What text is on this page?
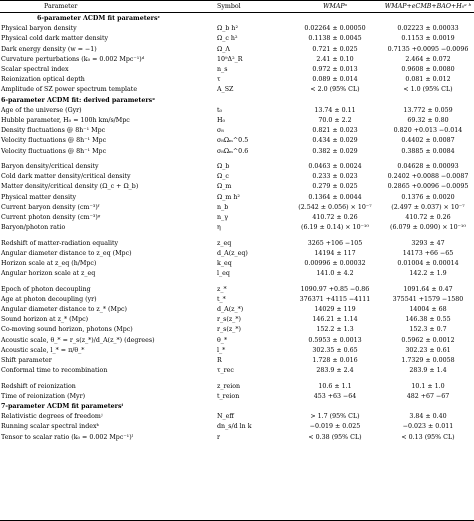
Parameter	Symbol	WMAPᵃ	WMAP+eCMB+BAO+H₀ᵃ ᵇ
6-parameter ΛCDM fit parametersᶜ
Physical baryon density	Ω_b h²	0.02264 ± 0.00050	0.02223 ± 0.00033
Physical cold dark matter density	Ω_c h²	0.1138 ± 0.0045	0.1153 ± 0.0019
Dark energy density (w = −1)	Ω_Λ	0.721 ± 0.025	0.7135 +0.0095 −0.0096
Curvature perturbations (k₀ = 0.002 Mpc⁻¹)ᵈ	10⁹Δ²_R	2.41 ± 0.10	2.464 ± 0.072
Scalar spectral index	n_s	0.972 ± 0.013	0.9608 ± 0.0080
Reionization optical depth	τ	0.089 ± 0.014	0.081 ± 0.012
Amplitude of SZ power spectrum template	A_SZ	< 2.0 (95% CL)	< 1.0 (95% CL)
6-parameter ΛCDM fit: derived parametersᵉ
Age of the universe (Gyr)	t₀	13.74 ± 0.11	13.772 ± 0.059
Hubble parameter, H₀ = 100h km/s/Mpc	H₀	70.0 ± 2.2	69.32 ± 0.80
Density fluctuations @ 8h⁻¹ Mpc	σ₈	0.821 ± 0.023	0.820 +0.013 −0.014
Velocity fluctuations @ 8h⁻¹ Mpc	σ₈Ωₘ^0.5	0.434 ± 0.029	0.4402 ± 0.0087
Velocity fluctuations @ 8h⁻¹ Mpc	σ₈Ωₘ^0.6	0.382 ± 0.029	0.3885 ± 0.0084
Baryon density/critical density	Ω_b	0.0463 ± 0.0024	0.04628 ± 0.00093
Cold dark matter density/critical density	Ω_c	0.233 ± 0.023	0.2402 +0.0088 −0.0087
Matter density/critical density (Ω_c + Ω_b)	Ω_m	0.279 ± 0.025	0.2865 +0.0096 −0.0095
Physical matter density	Ω_m h²	0.1364 ± 0.0044	0.1376 ± 0.0020
Current baryon density (cm⁻³)ᶠ	n_b	(2.542 ± 0.056) × 10⁻⁷	(2.497 ± 0.037) × 10⁻⁷
Current photon density (cm⁻³)ᵍ	n_γ	410.72 ± 0.26	410.72 ± 0.26
Baryon/photon ratio	η	(6.19 ± 0.14) × 10⁻¹⁰	(6.079 ± 0.090) × 10⁻¹⁰
Redshift of matter-radiation equality	z_eq	3265 +106 −105	3293 ± 47
Angular diameter distance to z_eq (Mpc)	d_A(z_eq)	14194 ± 117	14173 +66 −65
Horizon scale at z_eq (h/Mpc)	k_eq	0.00996 ± 0.00032	0.01004 ± 0.00014
Angular horizon scale at z_eq	l_eq	141.0 ± 4.2	142.2 ± 1.9
Epoch of photon decoupling	z_*	1090.97 +0.85 −0.86	1091.64 ± 0.47
Age at photon decoupling (yr)	t_*	376371 +4115 −4111	375541 +1579 −1580
Angular diameter distance to z_* (Mpc)	d_A(z_*)	14029 ± 119	14004 ± 68
Sound horizon at z_* (Mpc)	r_s(z_*)	146.21 ± 1.14	146.38 ± 0.55
Co-moving sound horizon, photons (Mpc)	r_s(z_*)	152.2 ± 1.3	152.3 ± 0.7
Acoustic scale, θ_* = r_s(z_*)/d_A(z_*) (degrees)	θ_*	0.5953 ± 0.0013	0.5962 ± 0.0012
Acoustic scale, l_* = π/θ_*	l_*	302.35 ± 0.65	302.23 ± 0.61
Shift parameter	R	1.728 ± 0.016	1.7329 ± 0.0058
Conformal time to recombination	τ_rec	283.9 ± 2.4	283.9 ± 1.4
Redshift of reionization	z_reion	10.6 ± 1.1	10.1 ± 1.0
Time of reionization (Myr)	t_reion	453 +63 −64	482 +67 −67
7-parameter ΛCDM fit parametersⁱ
Relativistic degrees of freedomʲ	N_eff	> 1.7 (95% CL)	3.84 ± 0.40
Running scalar spectral indexᵏ	dn_s/d ln k	−0.019 ± 0.025	−0.023 ± 0.011
Tensor to scalar ratio (k₀ = 0.002 Mpc⁻¹)ˡ	r	< 0.38 (95% CL)	< 0.13 (95% CL)
